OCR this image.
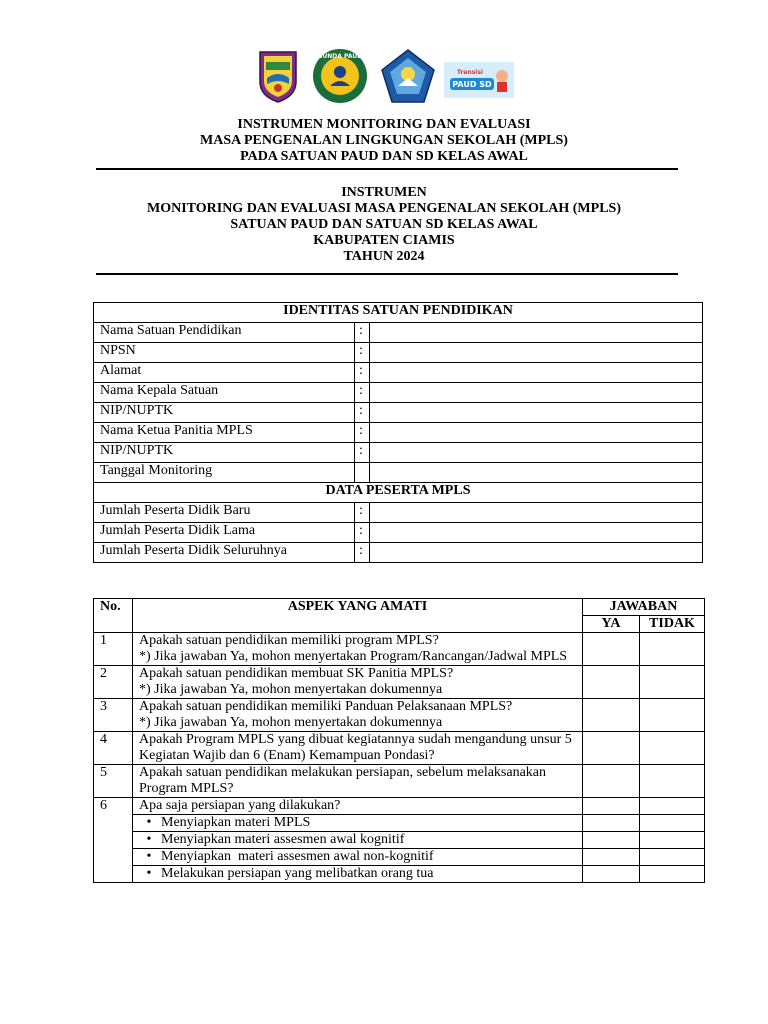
BUNDA PAUD
PAUD SD
Transisi
INSTRUMEN MONITORING DAN EVALUASI
MASA PENGENALAN LINGKUNGAN SEKOLAH (MPLS)
PADA SATUAN PAUD DAN SD KELAS AWAL
INSTRUMEN
MONITORING DAN EVALUASI MASA PENGENALAN SEKOLAH (MPLS)
SATUAN PAUD DAN SATUAN SD KELAS AWAL
KABUPATEN CIAMIS
TAHUN 2024
IDENTITAS SATUAN PENDIDIKAN		
Nama Satuan Pendidikan	:	
NPSN	:	
Alamat	:	
Nama Kepala Satuan	:	
NIP/NUPTK	:	
Nama Ketua Panitia MPLS	:	
NIP/NUPTK	:	
Tanggal Monitoring		
DATA PESERTA MPLS		
Jumlah Peserta Didik Baru	:	
Jumlah Peserta Didik Lama	:	
Jumlah Peserta Didik Seluruhnya	:	
No.	ASPEK YANG AMATI	JAWABAN	
		YA	TIDAK
1	Apakah satuan pendidikan memiliki program MPLS?
*) Jika jawaban Ya, mohon menyertakan Program/Rancangan/Jadwal MPLS		

2	Apakah satuan pendidikan membuat SK Panitia MPLS?
*) Jika jawaban Ya, mohon menyertakan dokumennya		

3	Apakah satuan pendidikan memiliki Panduan Pelaksanaan MPLS?
*) Jika jawaban Ya, mohon menyertakan dokumennya		

4	Apakah Program MPLS yang dibuat kegiatannya sudah mengandung unsur 5 Kegiatan Wajib dan 6 (Enam) Kemampuan Pondasi?		

5	Apakah satuan pendidikan melakukan persiapan, sebelum melaksanakan Program MPLS?		

6	Apa saja persiapan yang dilakukan?		

	• Menyiapkan materi MPLS		
	• Menyiapkan materi assesmen awal kognitif		
	• Menyiapkan  materi assesmen awal non-kognitif		
	• Melakukan persiapan yang melibatkan orang tua		
